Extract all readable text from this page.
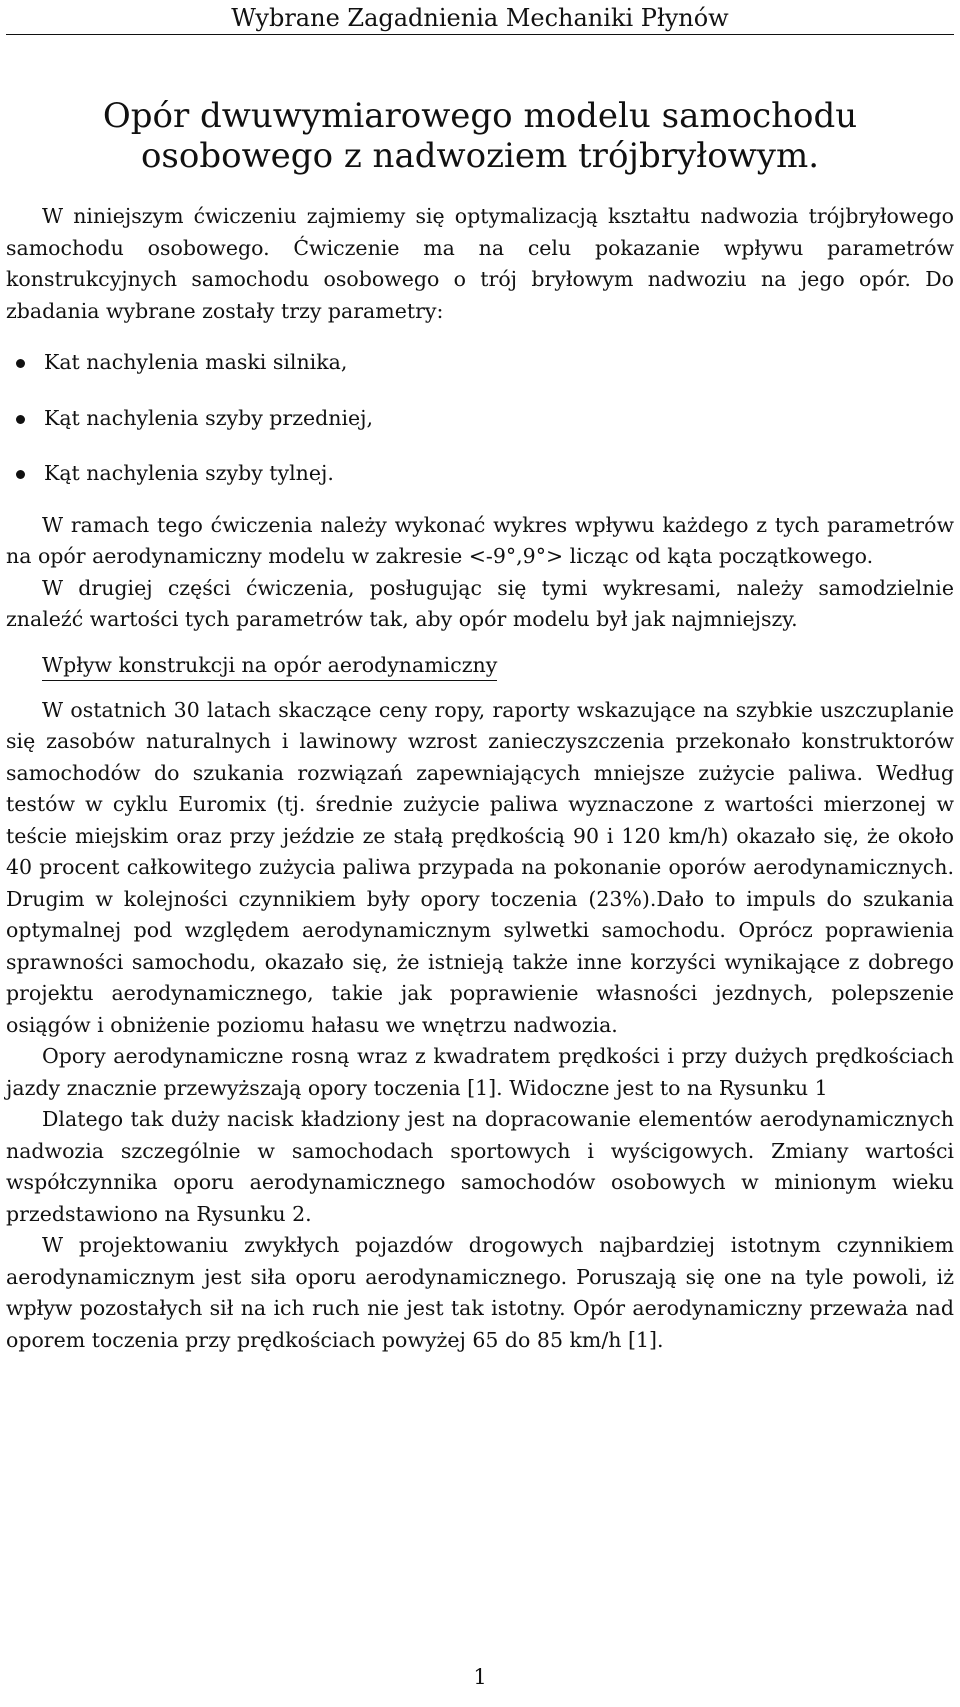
Wybrane Zagadnienia Mechaniki Płynów
Opór dwuwymiarowego modelu samochodu
osobowego z nadwoziem trójbryłowym.

W niniejszym ćwiczeniu zajmiemy się optymalizacją kształtu nadwozia trójbryłowego samochodu osobowego. Ćwiczenie ma na celu pokazanie wpływu parametrów konstrukcyjnych samochodu osobowego o trój bryłowym nadwoziu na jego opór. Do zbadania wybrane zostały trzy parametry:

Kat nachylenia maski silnika,
Kąt nachylenia szyby przedniej,
Kąt nachylenia szyby tylnej.

W ramach tego ćwiczenia należy wykonać wykres wpływu każdego z tych parametrów na opór aerodynamiczny modelu w zakresie <-9°,9°> licząc od kąta początkowego.

W drugiej części ćwiczenia, posługując się tymi wykresami, należy samodzielnie znaleźć wartości tych parametrów tak, aby opór modelu był jak najmniejszy.

Wpływ konstrukcji na opór aerodynamiczny

W ostatnich 30 latach skaczące ceny ropy, raporty wskazujące na szybkie uszczuplanie się zasobów naturalnych i lawinowy wzrost zanieczyszczenia przekonało konstruktorów samochodów do szukania rozwiązań zapewniających mniejsze zużycie paliwa. Według testów w cyklu Euromix (tj. średnie zużycie paliwa wyznaczone z wartości mierzonej w teście miejskim oraz przy jeździe ze stałą prędkością 90 i 120 km/h) okazało się, że około 40 procent całkowitego zużycia paliwa przypada na pokonanie oporów aerodynamicznych. Drugim w kolejności czynnikiem były opory toczenia (23%).Dało to impuls do szukania optymalnej pod względem aerodynamicznym sylwetki samochodu. Oprócz poprawienia sprawności samochodu, okazało się, że istnieją także inne korzyści wynikające z dobrego projektu aerodynamicznego, takie jak poprawienie własności jezdnych, polepszenie osiągów i obniżenie poziomu hałasu we wnętrzu nadwozia.

Opory aerodynamiczne rosną wraz z kwadratem prędkości i przy dużych prędkościach jazdy znacznie przewyższają opory toczenia [1]. Widoczne jest to na Rysunku 1

Dlatego tak duży nacisk kładziony jest na dopracowanie elementów aerodynamicznych nadwozia szczególnie w samochodach sportowych i wyścigowych. Zmiany wartości współczynnika oporu aerodynamicznego samochodów osobowych w minionym wieku przedstawiono na Rysunku 2.

W projektowaniu zwykłych pojazdów drogowych najbardziej istotnym czynnikiem aerodynamicznym jest siła oporu aerodynamicznego. Poruszają się one na tyle powoli, iż wpływ pozostałych sił na ich ruch nie jest tak istotny. Opór aerodynamiczny przeważa nad oporem toczenia przy prędkościach powyżej 65 do 85 km/h [1].

1
